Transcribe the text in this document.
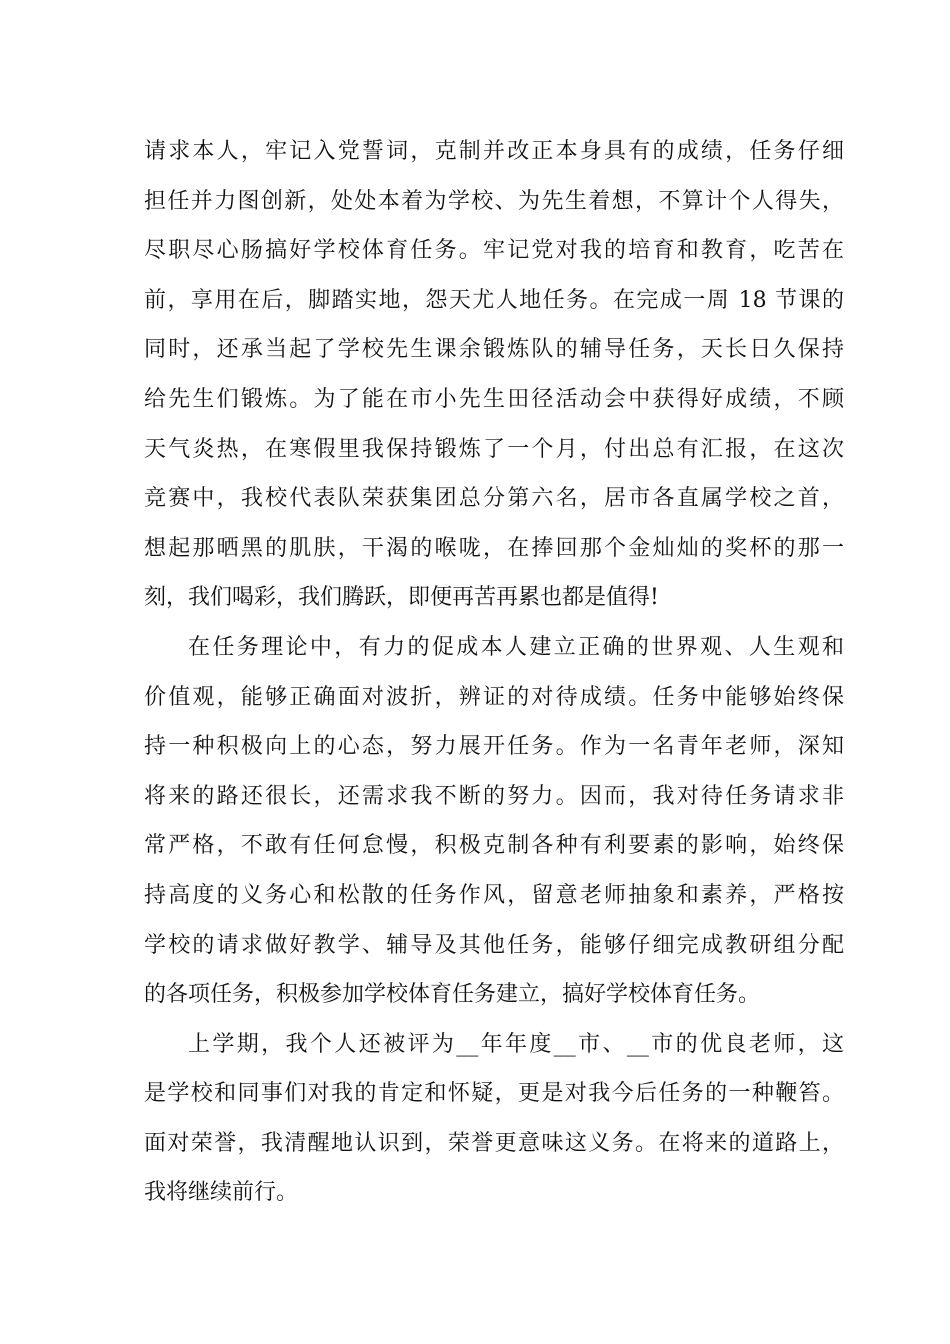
请求本人，牢记入党誓词，克制并改正本身具有的成绩，任务仔细
担任并力图创新，处处本着为学校、为先生着想，不算计个人得失，
尽职尽心肠搞好学校体育任务。牢记党对我的培育和教育，吃苦在
前，享用在后，脚踏实地，怨天尤人地任务。在完成一周 18 节课的
同时，还承当起了学校先生课余锻炼队的辅导任务，天长日久保持
给先生们锻炼。为了能在市小先生田径活动会中获得好成绩，不顾
天气炎热，在寒假里我保持锻炼了一个月，付出总有汇报，在这次
竞赛中，我校代表队荣获集团总分第六名，居市各直属学校之首，
想起那晒黑的肌肤，干渴的喉咙，在捧回那个金灿灿的奖杯的那一
刻，我们喝彩，我们腾跃，即便再苦再累也都是值得!
在任务理论中，有力的促成本人建立正确的世界观、人生观和
价值观，能够正确面对波折，辨证的对待成绩。任务中能够始终保
持一种积极向上的心态，努力展开任务。作为一名青年老师，深知
将来的路还很长，还需求我不断的努力。因而，我对待任务请求非
常严格，不敢有任何怠慢，积极克制各种有利要素的影响，始终保
持高度的义务心和松散的任务作风，留意老师抽象和素养，严格按
学校的请求做好教学、辅导及其他任务，能够仔细完成教研组分配
的各项任务，积极参加学校体育任务建立，搞好学校体育任务。
上学期，我个人还被评为__年年度__市、__市的优良老师，这
是学校和同事们对我的肯定和怀疑，更是对我今后任务的一种鞭笞。
面对荣誉，我清醒地认识到，荣誉更意味这义务。在将来的道路上，
我将继续前行。
